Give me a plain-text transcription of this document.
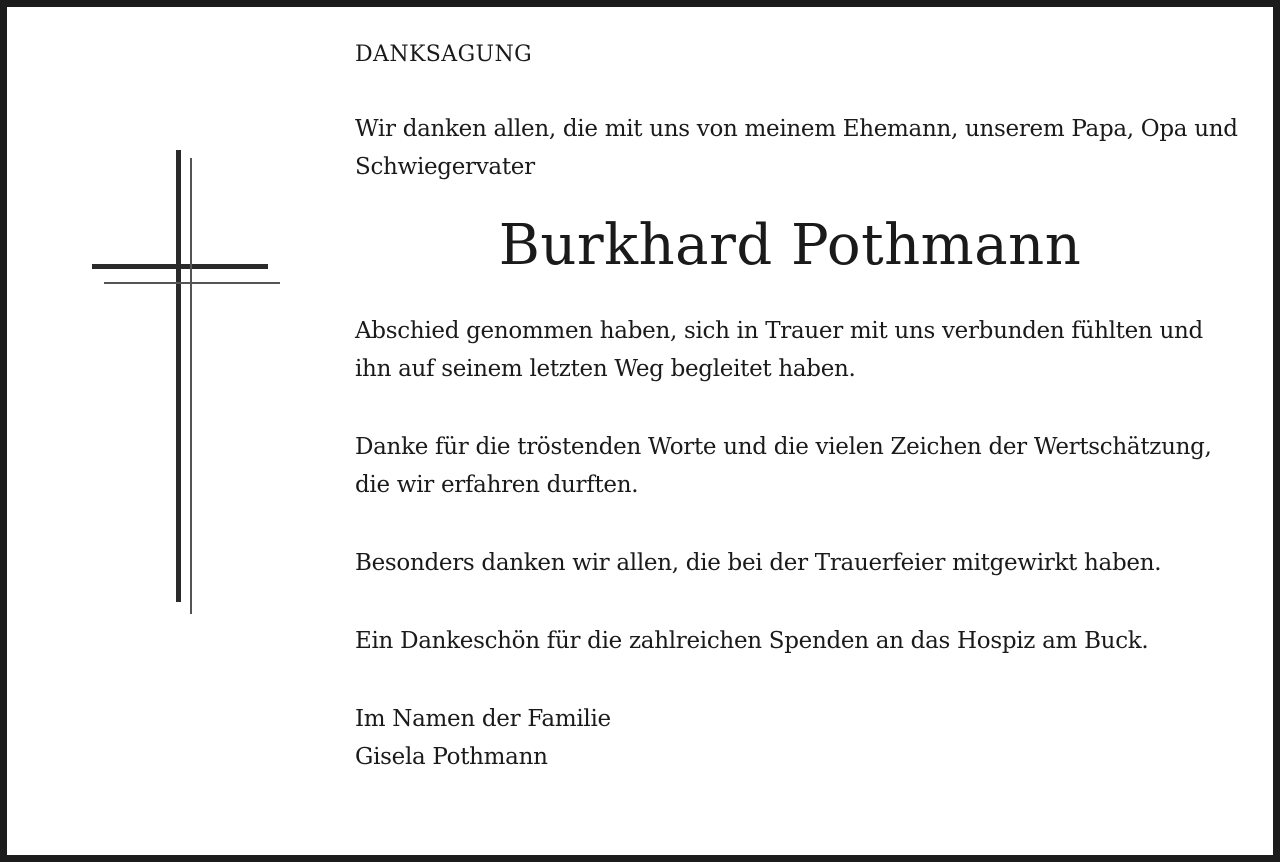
DANKSAGUNG

Wir danken allen, die mit uns von meinem Ehemann, unserem Papa, Opa und Schwiegervater

Burkhard Pothmann

Abschied genommen haben, sich in Trauer mit uns verbunden fühlten und ihn auf seinem letzten Weg begleitet haben.

Danke für die tröstenden Worte und die vielen Zeichen der Wertschätzung, die wir erfahren durften.

Besonders danken wir allen, die bei der Trauerfeier mitgewirkt haben.

Ein Dankeschön für die zahlreichen Spenden an das Hospiz am Buck.

Im Namen der Familie

Gisela Pothmann
